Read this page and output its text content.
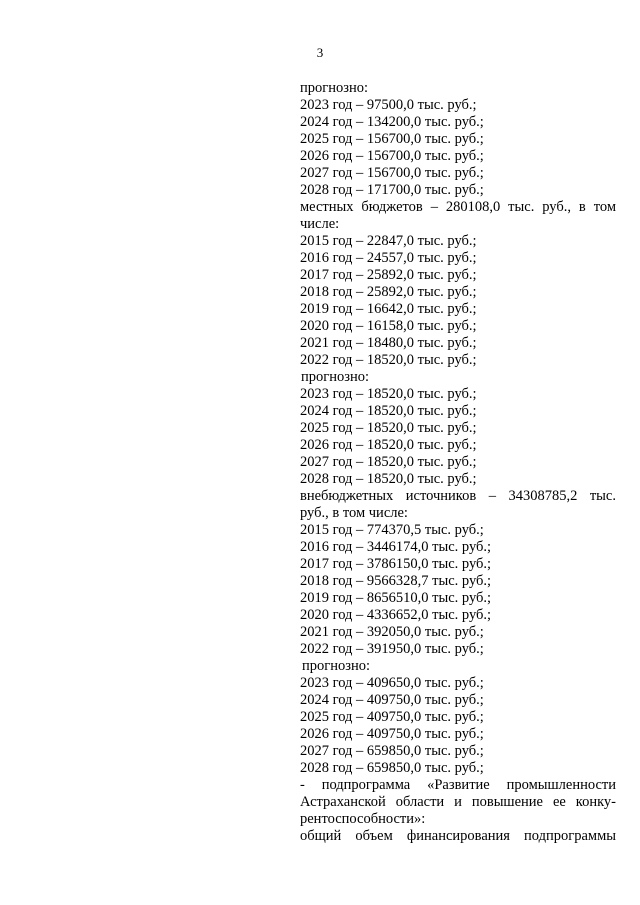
3
прогнозно:
2023 год – 97500,0 тыс. руб.;
2024 год – 134200,0 тыс. руб.;
2025 год – 156700,0 тыс. руб.;
2026 год – 156700,0 тыс. руб.;
2027 год – 156700,0 тыс. руб.;
2028 год – 171700,0 тыс. руб.;
местных бюджетов – 280108,0 тыс. руб., в том
числе:
2015 год – 22847,0 тыс. руб.;
2016 год – 24557,0 тыс. руб.;
2017 год – 25892,0 тыс. руб.;
2018 год – 25892,0 тыс. руб.;
2019 год – 16642,0 тыс. руб.;
2020 год – 16158,0 тыс. руб.;
2021 год – 18480,0 тыс. руб.;
2022 год – 18520,0 тыс. руб.;
прогнозно:
2023 год – 18520,0 тыс. руб.;
2024 год – 18520,0 тыс. руб.;
2025 год – 18520,0 тыс. руб.;
2026 год – 18520,0 тыс. руб.;
2027 год – 18520,0 тыс. руб.;
2028 год – 18520,0 тыс. руб.;
внебюджетных источников – 34308785,2 тыс.
руб., в том числе:
2015 год – 774370,5 тыс. руб.;
2016 год – 3446174,0 тыс. руб.;
2017 год – 3786150,0 тыс. руб.;
2018 год – 9566328,7 тыс. руб.;
2019 год – 8656510,0 тыс. руб.;
2020 год – 4336652,0 тыс. руб.;
2021 год – 392050,0 тыс. руб.;
2022 год – 391950,0 тыс. руб.;
прогнозно:
2023 год – 409650,0 тыс. руб.;
2024 год – 409750,0 тыс. руб.;
2025 год – 409750,0 тыс. руб.;
2026 год – 409750,0 тыс. руб.;
2027 год – 659850,0 тыс. руб.;
2028 год – 659850,0 тыс. руб.;
- подпрограмма «Развитие промышленности
Астраханской области и повышение ее конку-
рентоспособности»:
общий объем финансирования подпрограммы
